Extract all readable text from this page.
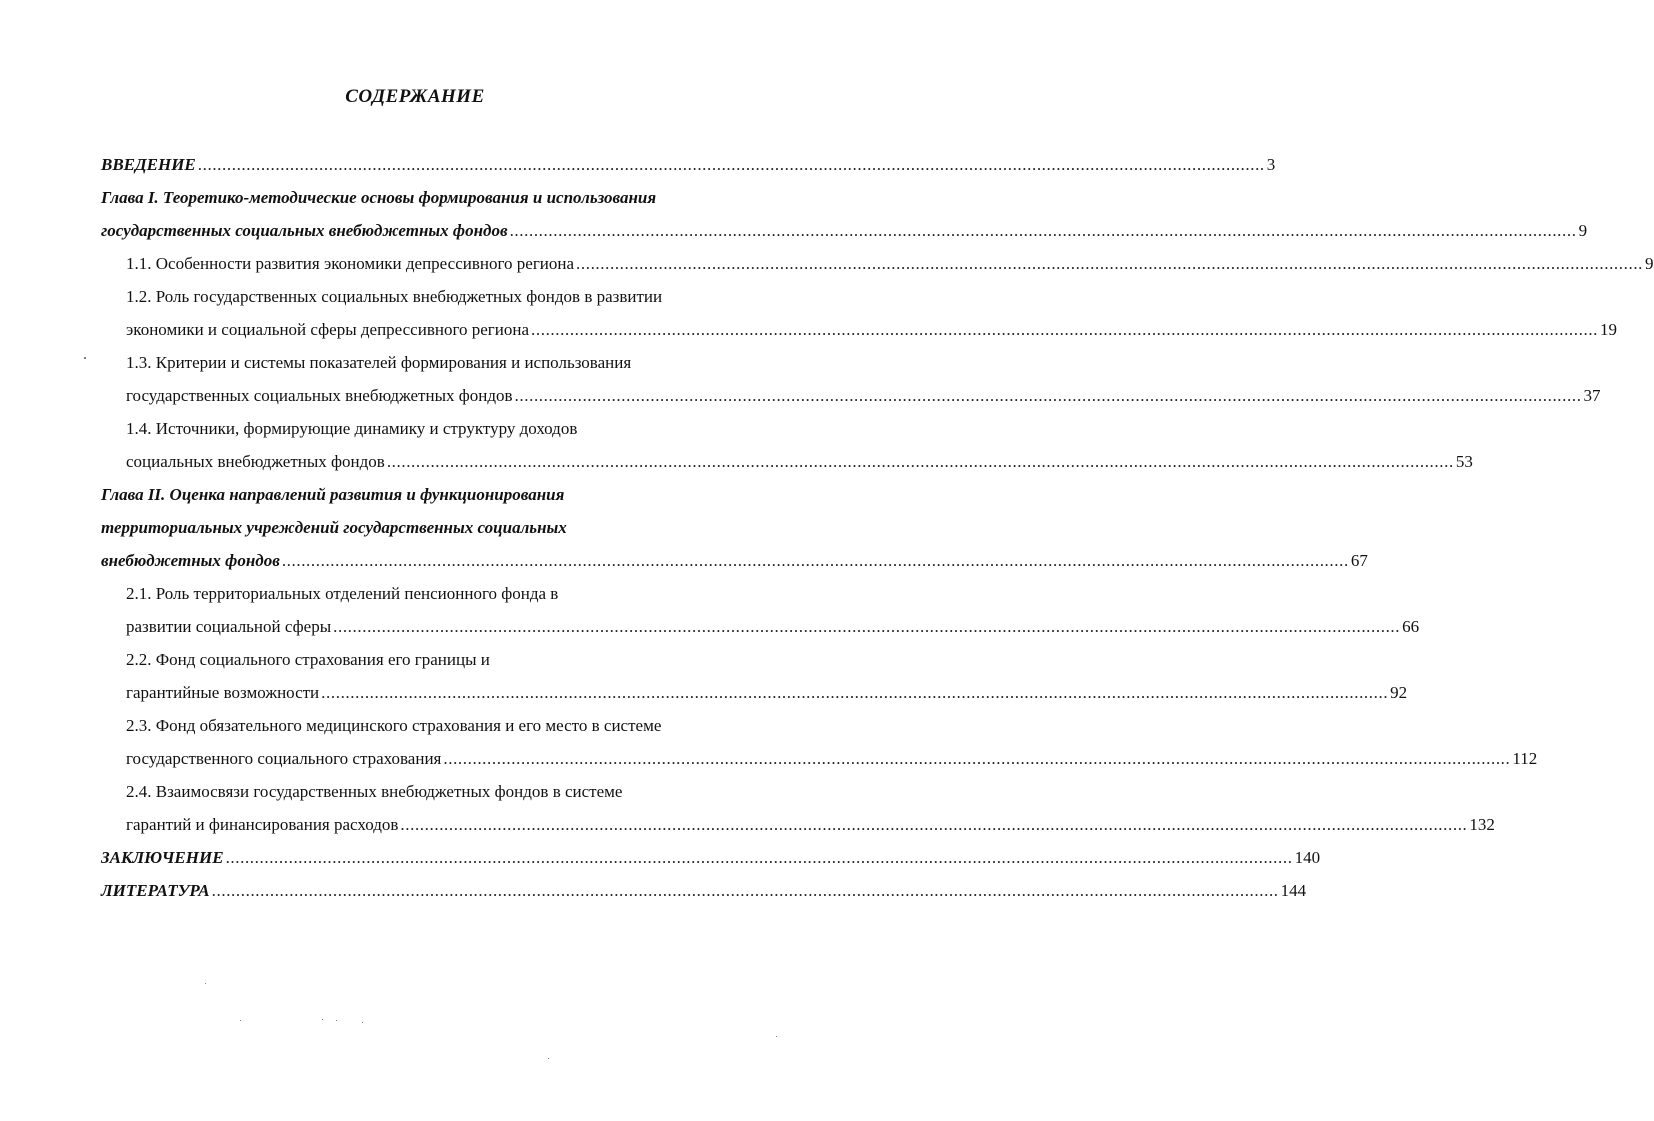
СОДЕРЖАНИЕ
ВВЕДЕНИЕ ............................................................................................................................................................................................................................ 3
Глава I. Теоретико-методические основы формирования и использования
государственных социальных внебюджетных фондов ............................................................................................................................................................................................................................ 9
1.1. Особенности развития экономики депрессивного региона ............................................................................................................................................................................................................................ 9
1.2. Роль государственных социальных внебюджетных фондов в развитии
экономики и социальной сферы депрессивного региона ............................................................................................................................................................................................................................ 19
1.3. Критерии и системы показателей формирования и использования
государственных социальных внебюджетных фондов ............................................................................................................................................................................................................................ 37
1.4. Источники, формирующие динамику и структуру доходов
социальных внебюджетных фондов ............................................................................................................................................................................................................................ 53
Глава II. Оценка направлений развития и функционирования
территориальных учреждений государственных социальных
внебюджетных фондов ............................................................................................................................................................................................................................ 67
2.1. Роль территориальных отделений пенсионного фонда в
развитии социальной сферы ............................................................................................................................................................................................................................ 66
2.2. Фонд социального страхования его границы и
гарантийные возможности ............................................................................................................................................................................................................................ 92
2.3. Фонд обязательного медицинского страхования и его место в системе
государственного социального страхования ............................................................................................................................................................................................................................ 112
2.4. Взаимосвязи государственных внебюджетных фондов в системе
гарантий и финансирования расходов ............................................................................................................................................................................................................................ 132
ЗАКЛЮЧЕНИЕ ............................................................................................................................................................................................................................ 140
ЛИТЕРАТУРА ............................................................................................................................................................................................................................ 144
